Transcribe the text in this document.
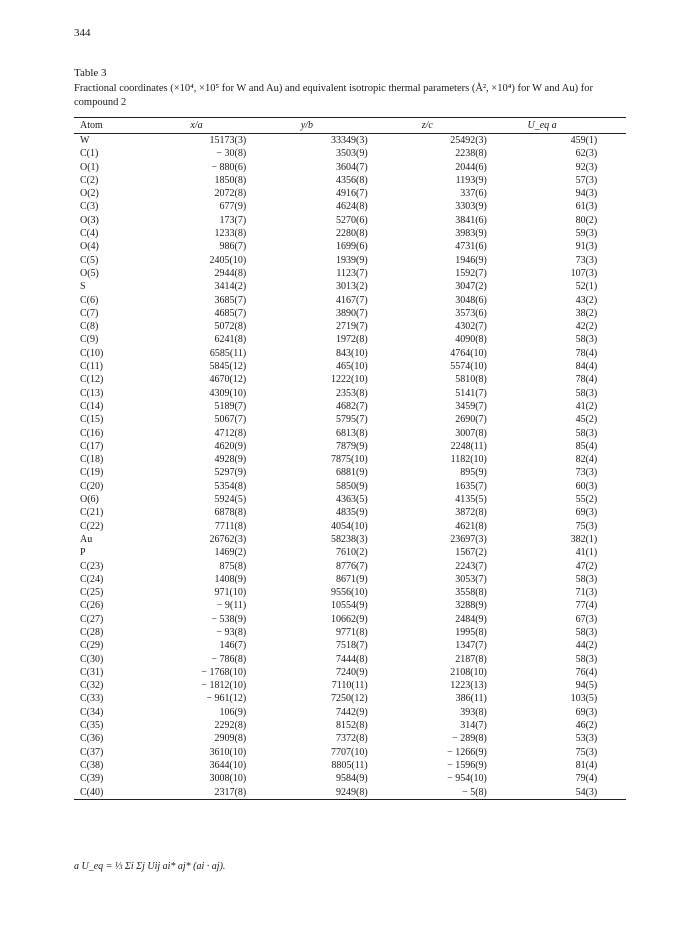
344
Table 3
Fractional coordinates (×10⁴, ×10⁵ for W and Au) and equivalent isotropic thermal parameters (Å², ×10⁴) for W and Au) for compound 2
Atom	x/a	y/b	z/c	U_eq a	
W	15173(3)	33349(3)	25492(3)	459(1)	
C(1)	− 30(8)	3503(9)	2238(8)	62(3)	
O(1)	− 880(6)	3604(7)	2044(6)	92(3)	
C(2)	1850(8)	4356(8)	1193(9)	57(3)	
O(2)	2072(8)	4916(7)	337(6)	94(3)	
C(3)	677(9)	4624(8)	3303(9)	61(3)	
O(3)	173(7)	5270(6)	3841(6)	80(2)	
C(4)	1233(8)	2280(8)	3983(9)	59(3)	
O(4)	986(7)	1699(6)	4731(6)	91(3)	
C(5)	2405(10)	1939(9)	1946(9)	73(3)	
O(5)	2944(8)	1123(7)	1592(7)	107(3)	
S	3414(2)	3013(2)	3047(2)	52(1)	
C(6)	3685(7)	4167(7)	3048(6)	43(2)	
C(7)	4685(7)	3890(7)	3573(6)	38(2)	
C(8)	5072(8)	2719(7)	4302(7)	42(2)	
C(9)	6241(8)	1972(8)	4090(8)	58(3)	
C(10)	6585(11)	843(10)	4764(10)	78(4)	
C(11)	5845(12)	465(10)	5574(10)	84(4)	
C(12)	4670(12)	1222(10)	5810(8)	78(4)	
C(13)	4309(10)	2353(8)	5141(7)	58(3)	
C(14)	5189(7)	4682(7)	3459(7)	41(2)	
C(15)	5067(7)	5795(7)	2690(7)	45(2)	
C(16)	4712(8)	6813(8)	3007(8)	58(3)	
C(17)	4620(9)	7879(9)	2248(11)	85(4)	
C(18)	4928(9)	7875(10)	1182(10)	82(4)	
C(19)	5297(9)	6881(9)	895(9)	73(3)	
C(20)	5354(8)	5850(9)	1635(7)	60(3)	
O(6)	5924(5)	4363(5)	4135(5)	55(2)	
C(21)	6878(8)	4835(9)	3872(8)	69(3)	
C(22)	7711(8)	4054(10)	4621(8)	75(3)	
Au	26762(3)	58238(3)	23697(3)	382(1)	
P	1469(2)	7610(2)	1567(2)	41(1)	
C(23)	875(8)	8776(7)	2243(7)	47(2)	
C(24)	1408(9)	8671(9)	3053(7)	58(3)	
C(25)	971(10)	9556(10)	3558(8)	71(3)	
C(26)	− 9(11)	10554(9)	3288(9)	77(4)	
C(27)	− 538(9)	10662(9)	2484(9)	67(3)	
C(28)	− 93(8)	9771(8)	1995(8)	58(3)	
C(29)	146(7)	7518(7)	1347(7)	44(2)	
C(30)	− 786(8)	7444(8)	2187(8)	58(3)	
C(31)	− 1768(10)	7240(9)	2108(10)	76(4)	
C(32)	− 1812(10)	7110(11)	1223(13)	94(5)	
C(33)	− 961(12)	7250(12)	386(11)	103(5)	
C(34)	106(9)	7442(9)	393(8)	69(3)	
C(35)	2292(8)	8152(8)	314(7)	46(2)	
C(36)	2909(8)	7372(8)	− 289(8)	53(3)	
C(37)	3610(10)	7707(10)	− 1266(9)	75(3)	
C(38)	3644(10)	8805(11)	− 1596(9)	81(4)	
C(39)	3008(10)	9584(9)	− 954(10)	79(4)	
C(40)	2317(8)	9249(8)	− 5(8)	54(3)	
a U_eq = ⅓ Σi Σj Uij ai* aj* (ai · aj).
